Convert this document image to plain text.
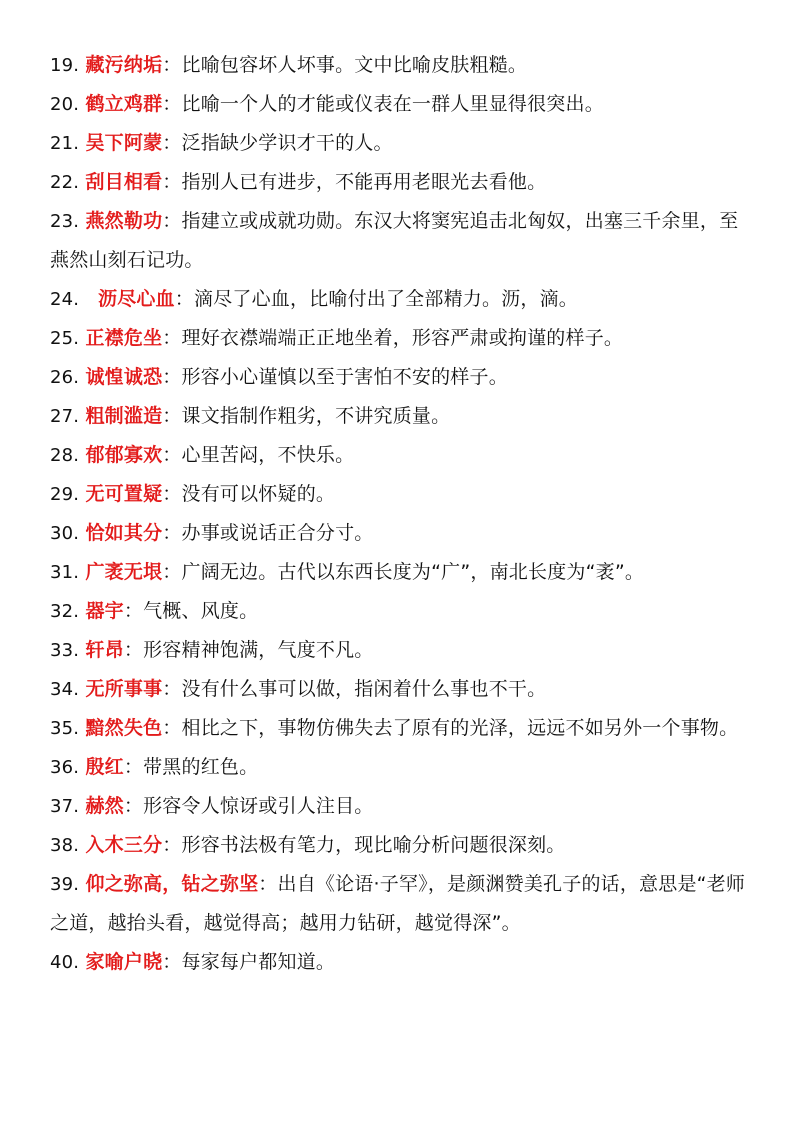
19. 藏污纳垢：比喻包容坏人坏事。文中比喻皮肤粗糙。
20. 鹤立鸡群：比喻一个人的才能或仪表在一群人里显得很突出。
21. 吴下阿蒙：泛指缺少学识才干的人。
22. 刮目相看：指别人已有进步，不能再用老眼光去看他。
23. 燕然勒功：指建立或成就功勋。东汉大将窦宪追击北匈奴，出塞三千余里，至燕然山刻石记功。
24. 沥尽心血：滴尽了心血，比喻付出了全部精力。沥，滴。
25. 正襟危坐：理好衣襟端端正正地坐着，形容严肃或拘谨的样子。
26. 诚惶诚恐：形容小心谨慎以至于害怕不安的样子。
27. 粗制滥造：课文指制作粗劣，不讲究质量。
28. 郁郁寡欢：心里苦闷，不快乐。
29. 无可置疑：没有可以怀疑的。
30. 恰如其分：办事或说话正合分寸。
31. 广袤无垠：广阔无边。古代以东西长度为“广”，南北长度为“袤”。
32. 器宇：气概、风度。
33. 轩昂：形容精神饱满，气度不凡。
34. 无所事事：没有什么事可以做，指闲着什么事也不干。
35. 黯然失色：相比之下，事物仿佛失去了原有的光泽，远远不如另外一个事物。
36. 殷红：带黑的红色。
37. 赫然：形容令人惊讶或引人注目。
38. 入木三分：形容书法极有笔力，现比喻分析问题很深刻。
39. 仰之弥高，钻之弥坚：出自《论语·子罕》，是颜渊赞美孔子的话，意思是“老师之道，越抬头看，越觉得高；越用力钻研，越觉得深”。
40. 家喻户晓：每家每户都知道。
